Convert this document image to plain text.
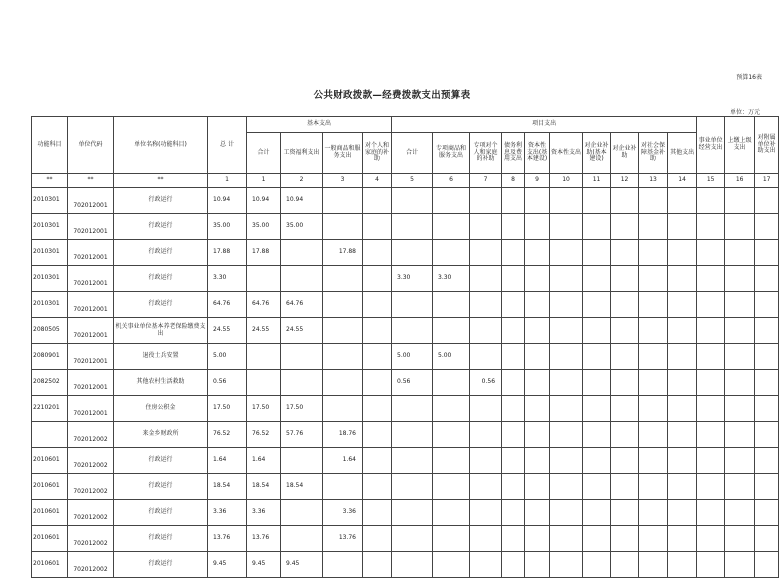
预算16表
公共财政拨款—经费拨款支出预算表
单位：万元
功能科目	单位代码	单位名称(功能科目)	总 计	基本支出				项目支出										事业单位经营支出	上缴上级支出	对附属单位补助支出
				合计	工资福利支出	一般商品和服务支出	对个人和家庭的补助	合计	专项商品和服务支出	专项对个人和家庭的补助	债务利息及费用支出	资本性支出(基本建设)	资本性支出	对企业补助(基本建设)	对企业补助	对社会保障基金补助	其他支出			
**	**	**	1	1	2	3	4	5	6	7	8	9	10	11	12	13	14	15	16	17
2010301	702012001	行政运行	10.94	10.94	10.94															
2010301	702012001	行政运行	35.00	35.00	35.00															
2010301	702012001	行政运行	17.88	17.88		17.88														
2010301	702012001	行政运行	3.30					3.30	3.30											
2010301	702012001	行政运行	64.76	64.76	64.76															
2080505	702012001	机关事业单位基本养老保险缴费支出	24.55	24.55	24.55															
2080901	702012001	退役士兵安置	5.00					5.00	5.00											
2082502	702012001	其他农村生活救助	0.56					0.56		0.56										
2210201	702012001	住房公积金	17.50	17.50	17.50															
	702012002	来金乡财政所	76.52	76.52	57.76	18.76														
2010601	702012002	行政运行	1.64	1.64		1.64														
2010601	702012002	行政运行	18.54	18.54	18.54															
2010601	702012002	行政运行	3.36	3.36		3.36														
2010601	702012002	行政运行	13.76	13.76		13.76														
2010601	702012002	行政运行	9.45	9.45	9.45															
